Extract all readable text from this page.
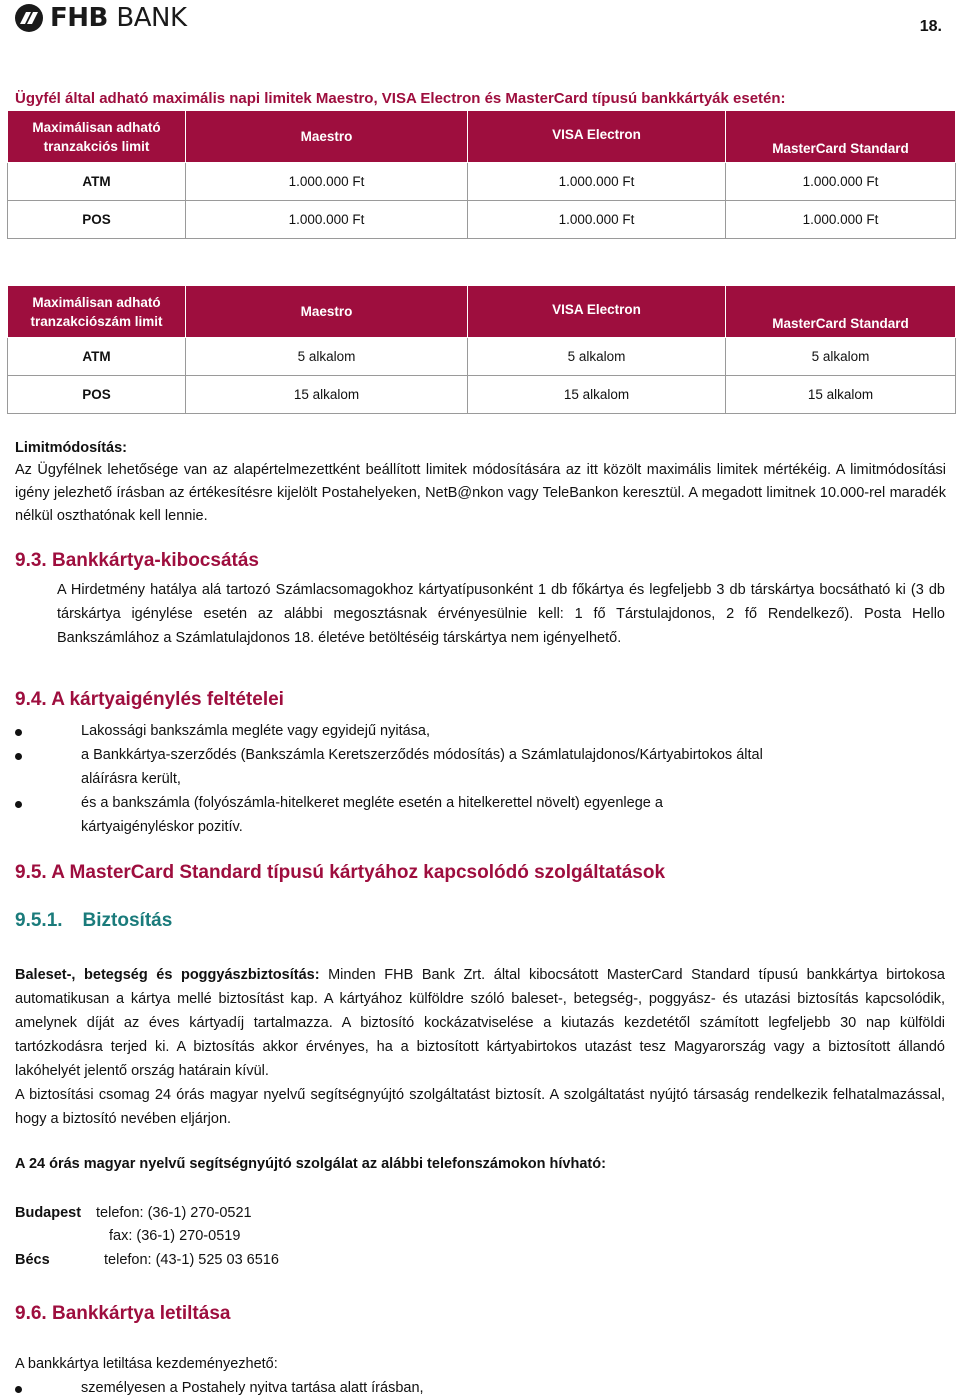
FHB BANK	18.
Ügyfél által adható maximális napi limitek Maestro, VISA Electron és MasterCard típusú bankkártyák esetén:
Maximálisan adható tranzakciós limit	Maestro	VISA Electron	MasterCard Standard
ATM	1.000.000 Ft	1.000.000 Ft	1.000.000 Ft
POS	1.000.000 Ft	1.000.000 Ft	1.000.000 Ft
Maximálisan adható tranzakciószám limit	Maestro	VISA Electron	MasterCard Standard
ATM	5 alkalom	5 alkalom	5 alkalom
POS	15 alkalom	15 alkalom	15 alkalom
Limitmódosítás:
Az Ügyfélnek lehetősége van az alapértelmezettként beállított limitek módosítására az itt közölt maximális limitek mértékéig. A limitmódosítási igény jelezhető írásban az értékesítésre kijelölt Postahelyeken, NetB@nkon vagy TeleBankon keresztül. A megadott limitnek 10.000-rel maradék nélkül oszthatónak kell lennie.
9.3. Bankkártya-kibocsátás
A Hirdetmény hatálya alá tartozó Számlacsomagokhoz kártyatípusonként 1 db főkártya és legfeljebb 3 db társkártya bocsátható ki (3 db társkártya igénylése esetén az alábbi megosztásnak érvényesülnie kell: 1 fő Társtulajdonos, 2 fő Rendelkező). Posta Hello Bankszámlához a Számlatulajdonos 18. életéve betöltéséig társkártya nem igényelhető.
9.4. A kártyaigénylés feltételei
Lakossági bankszámla megléte vagy egyidejű nyitása,
a Bankkártya-szerződés (Bankszámla Keretszerződés módosítás) a Számlatulajdonos/Kártyabirtokos által aláírásra került,
és a bankszámla (folyószámla-hitelkeret megléte esetén a hitelkerettel növelt) egyenlege a kártyaigényléskor pozitív.
9.5. A MasterCard Standard típusú kártyához kapcsolódó szolgáltatások
9.5.1. Biztosítás
Baleset-, betegség és poggyászbiztosítás: Minden FHB Bank Zrt. által kibocsátott MasterCard Standard típusú bankkártya birtokosa automatikusan a kártya mellé biztosítást kap. A kártyához külföldre szóló baleset-, betegség-, poggyász- és utazási biztosítás kapcsolódik, amelynek díját az éves kártyadíj tartalmazza. A biztosító kockázatviselése a kiutazás kezdetétől számított legfeljebb 30 nap külföldi tartózkodásra terjed ki. A biztosítás akkor érvényes, ha a biztosított kártyabirtokos utazást tesz Magyarország vagy a biztosított állandó lakóhelyét jelentő ország határain kívül.
A biztosítási csomag 24 órás magyar nyelvű segítségnyújtó szolgáltatást biztosít. A szolgáltatást nyújtó társaság rendelkezik felhatalmazással, hogy a biztosító nevében eljárjon.
A 24 órás magyar nyelvű segítségnyújtó szolgálat az alábbi telefonszámokon hívható:
Budapest telefon: (36-1) 270-0521
fax: (36-1) 270-0519
Bécs	telefon: (43-1) 525 03 6516
9.6. Bankkártya letiltása
A bankkártya letiltása kezdeményezhető:
személyesen a Postahely nyitva tartása alatt írásban,
